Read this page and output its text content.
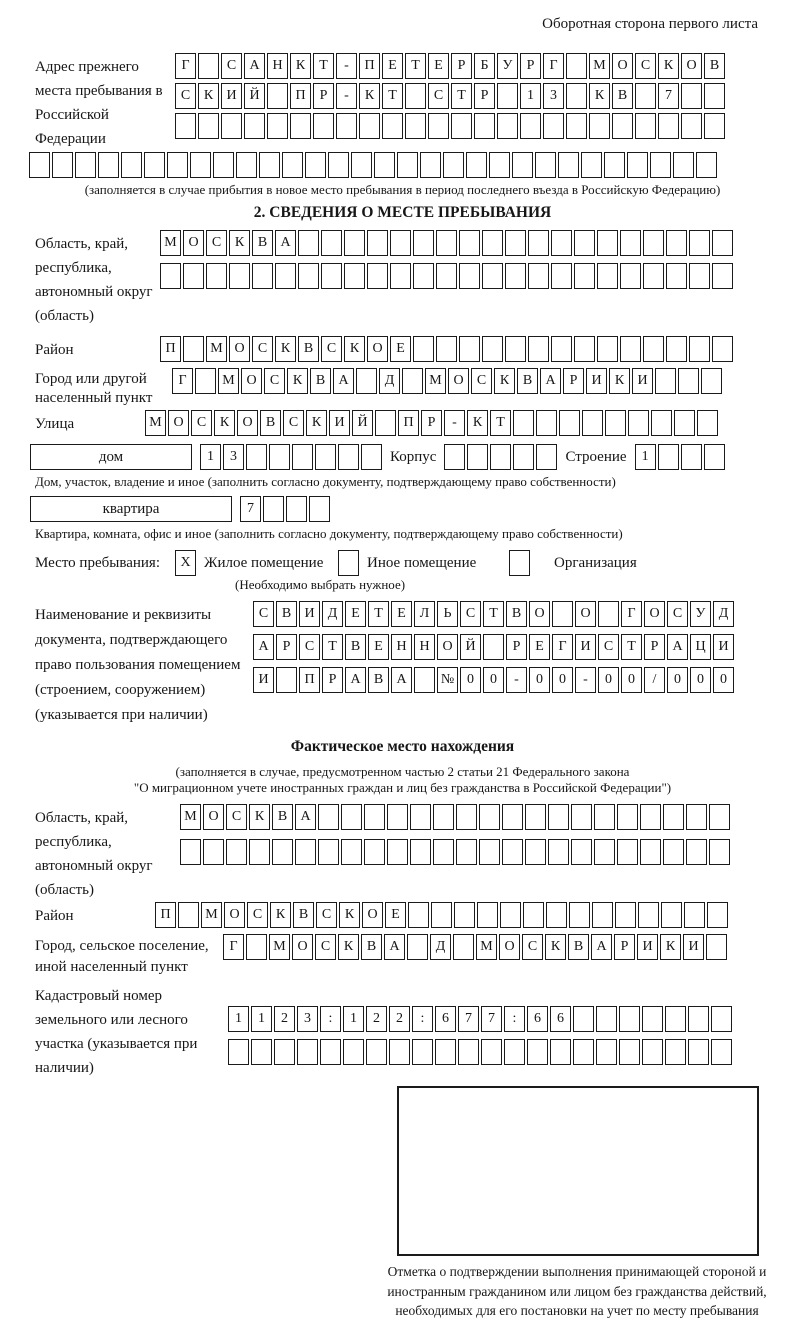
Оборотная сторона первого листа
Адрес прежнего места пребывания в Российской Федерации
Г	С А Н К	Т	-	П Е	Т	Е	Р	Б	У	Р	Г	М О С К О В
С К И Й	П	Р	-	К	Т	С	Т	Р	1	3	К В	7
(заполняется в случае прибытия в новое место пребывания в период последнего въезда в Российскую Федерацию)
2. СВЕДЕНИЯ О МЕСТЕ ПРЕБЫВАНИЯ
Область, край, республика, автономный округ (область)
М О С К В А
Район	П	М О С К В С К О Е
Город или другой населенный пункт
Г	М О С К В А	Д	М О С К В А	Р	И К И
Улица	М О С К О В С К И Й	П	Р	-	К	Т
дом	1	3	Корпус	Строение	1
Дом, участок, владение и иное (заполнить согласно документу, подтверждающему право собственности)
квартира	7
Квартира, комната, офис и иное (заполнить согласно документу, подтверждающему право собственности)
Место пребывания:	X Жилое помещение	Иное помещение	Организация
(Необходимо выбрать нужное)
Наименование и реквизиты документа, подтверждающего право пользования помещением (строением, сооружением) (указывается при наличии)
С В И Д Е	Т	Е Л	Ь	С	Т	В О	О	Г О С У Д
А	Р	С	Т	В	Е Н Н О Й	Р	Е	Г И С	Т	Р	А Ц И
И	П	Р	А В А	№ 0	0	-	0	0	-	0	0	/	0	0	0
Фактическое место нахождения
(заполняется в случае, предусмотренном частью 2 статьи 21 Федерального закона
"О миграционном учете иностранных граждан и лиц без гражданства в Российской Федерации")
Область, край, республика, автономный округ (область)
М О С К В А
Район	П	М О С К В С К О Е
Город, сельское поселение, иной населенный пункт
Г	М О С К В А	Д	М О С К В А	Р	И К И
Кадастровый номер земельного или лесного участка (указывается при наличии)
1	1	2	3	:	1	2	2	:	6	7	7	:	6	6
Отметка о подтверждении выполнения принимающей стороной и иностранным гражданином или лицом без гражданства действий, необходимых для его постановки на учет по месту пребывания
